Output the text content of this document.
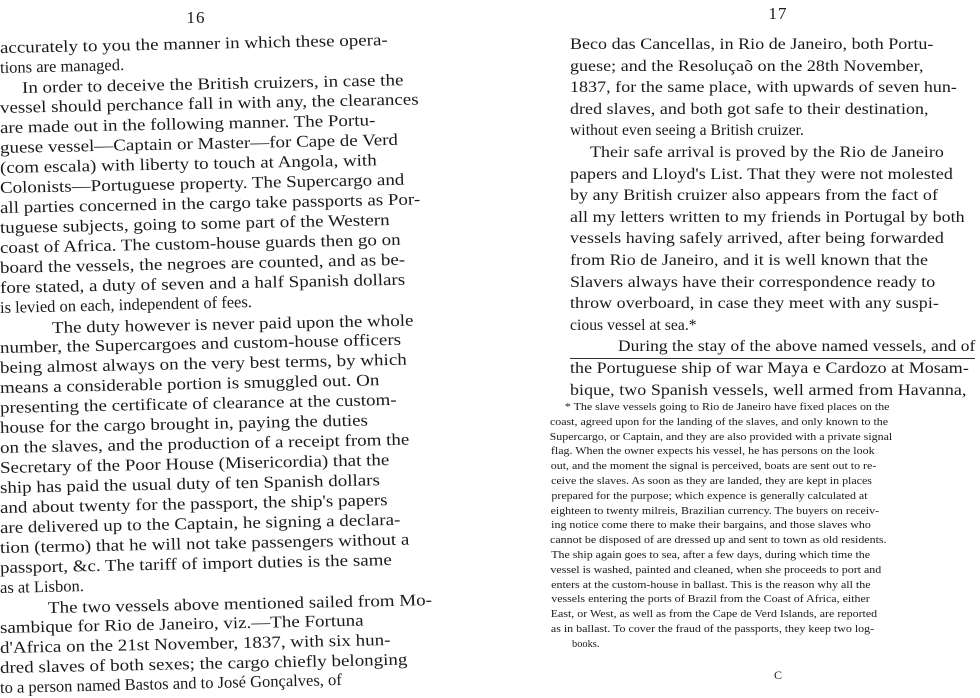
16
accurately to you the manner in which these opera-
tions are managed.
In order to deceive the British cruizers, in case the
vessel should perchance fall in with any, the clearances
are made out in the following manner. The Portu-
guese vessel—Captain or Master—for Cape de Verd
(com escala) with liberty to touch at Angola, with
Colonists—Portuguese property. The Supercargo and
all parties concerned in the cargo take passports as Por-
tuguese subjects, going to some part of the Western
coast of Africa. The custom-house guards then go on
board the vessels, the negroes are counted, and as be-
fore stated, a duty of seven and a half Spanish dollars
is levied on each, independent of fees.
The duty however is never paid upon the whole
number, the Supercargoes and custom-house officers
being almost always on the very best terms, by which
means a considerable portion is smuggled out. On
presenting the certificate of clearance at the custom-
house for the cargo brought in, paying the duties
on the slaves, and the production of a receipt from the
Secretary of the Poor House (Misericordia) that the
ship has paid the usual duty of ten Spanish dollars
and about twenty for the passport, the ship's papers
are delivered up to the Captain, he signing a declara-
tion (termo) that he will not take passengers without a
passport, &c. The tariff of import duties is the same
as at Lisbon.
The two vessels above mentioned sailed from Mo-
sambique for Rio de Janeiro, viz.—The Fortuna
d'Africa on the 21st November, 1837, with six hun-
dred slaves of both sexes; the cargo chiefly belonging
to a person named Bastos and to José Gonçalves, of
17
Beco das Cancellas, in Rio de Janeiro, both Portu-
guese; and the Resoluçaõ on the 28th November,
1837, for the same place, with upwards of seven hun-
dred slaves, and both got safe to their destination,
without even seeing a British cruizer.
Their safe arrival is proved by the Rio de Janeiro
papers and Lloyd's List. That they were not molested
by any British cruizer also appears from the fact of
all my letters written to my friends in Portugal by both
vessels having safely arrived, after being forwarded
from Rio de Janeiro, and it is well known that the
Slavers always have their correspondence ready to
throw overboard, in case they meet with any suspi-
cious vessel at sea.*
During the stay of the above named vessels, and of
the Portuguese ship of war Maya e Cardozo at Mosam-
bique, two Spanish vessels, well armed from Havanna,
* The slave vessels going to Rio de Janeiro have fixed places on the
coast, agreed upon for the landing of the slaves, and only known to the
Supercargo, or Captain, and they are also provided with a private signal
flag. When the owner expects his vessel, he has persons on the look
out, and the moment the signal is perceived, boats are sent out to re-
ceive the slaves. As soon as they are landed, they are kept in places
prepared for the purpose; which expence is generally calculated at
eighteen to twenty milreis, Brazilian currency. The buyers on receiv-
ing notice come there to make their bargains, and those slaves who
cannot be disposed of are dressed up and sent to town as old residents.
The ship again goes to sea, after a few days, during which time the
vessel is washed, painted and cleaned, when she proceeds to port and
enters at the custom-house in ballast. This is the reason why all the
vessels entering the ports of Brazil from the Coast of Africa, either
East, or West, as well as from the Cape de Verd Islands, are reported
as in ballast. To cover the fraud of the passports, they keep two log-
books.
C
